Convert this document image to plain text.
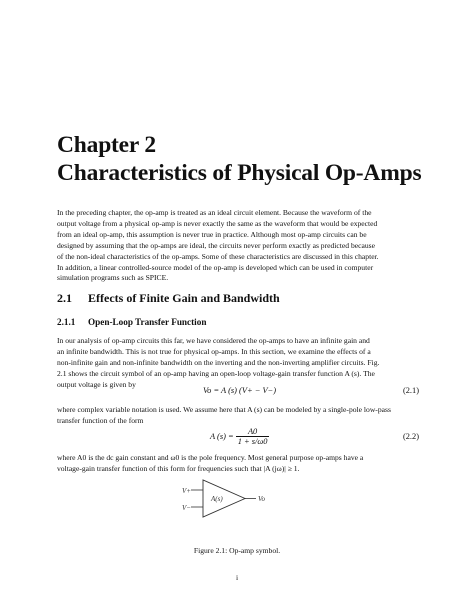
Chapter 2
Characteristics of Physical Op-Amps
In the preceding chapter, the op-amp is treated as an ideal circuit element. Because the waveform of the
output voltage from a physical op-amp is never exactly the same as the waveform that would be expected
from an ideal op-amp, this assumption is never true in practice. Although most op-amp circuits can be
designed by assuming that the op-amps are ideal, the circuits never perform exactly as predicted because
of the non-ideal characteristics of the op-amps. Some of these characteristics are discussed in this chapter.
In addition, a linear controlled-source model of the op-amp is developed which can be used in computer
simulation programs such as SPICE.
2.1 Effects of Finite Gain and Bandwidth
2.1.1 Open-Loop Transfer Function
In our analysis of op-amp circuits this far, we have considered the op-amps to have an infinite gain and
an infinite bandwidth. This is not true for physical op-amps. In this section, we examine the effects of a
non-infinite gain and non-infinite bandwidth on the inverting and the non-inverting amplifier circuits. Fig.
2.1 shows the circuit symbol of an op-amp having an open-loop voltage-gain transfer function A (s). The
output voltage is given by
Vo = A (s) (V+ − V−)	(2.1)
where complex variable notation is used. We assume here that A (s) can be modeled by a single-pole low-pass
transfer function of the form
A $(s) = \frac{A0}{1 + s/\omega 0}$	(2.2)
where A0 is the dc gain constant and ω0 is the pole frequency. Most general purpose op-amps have a
voltage-gain transfer function of this form for frequencies such that |A (jω)| ≥ 1.
V+
V−
A(s)	Vo
Figure 2.1: Op-amp symbol.
i
